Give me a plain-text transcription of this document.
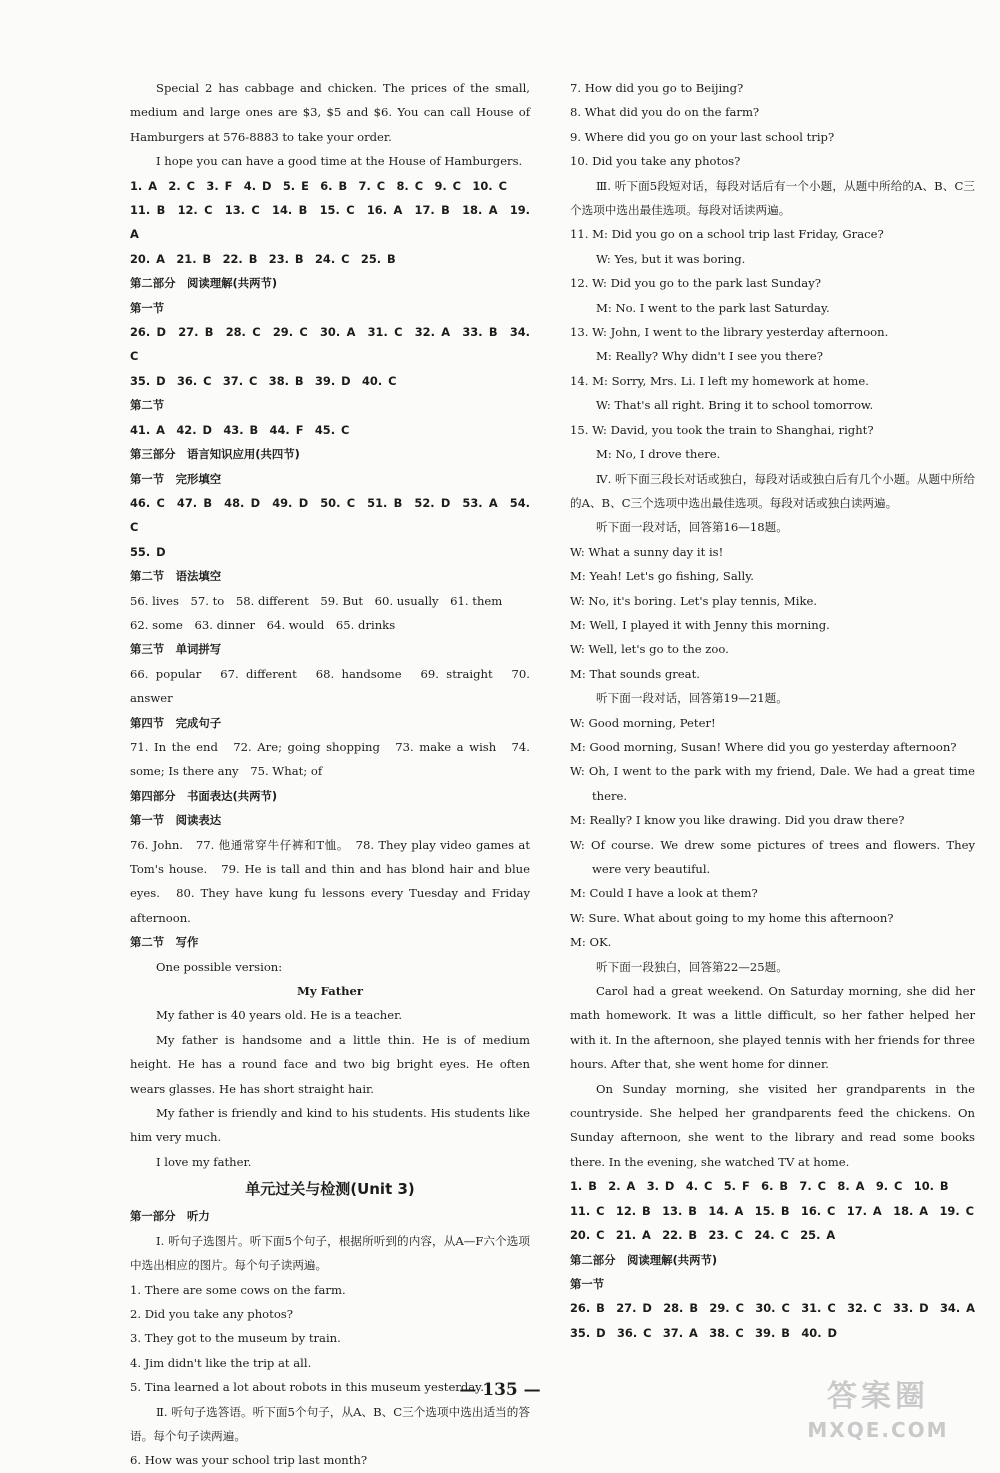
Special 2 has cabbage and chicken. The prices of the small, medium and large ones are $3, $5 and $6. You can call House of Hamburgers at 576-8883 to take your order.

I hope you can have a good time at the House of Hamburgers.

1. A　2. C　3. F　4. D　5. E　6. B　7. C　8. C　9. C　10. C

11. B　12. C　13. C　14. B　15. C　16. A　17. B　18. A　19. A

20. A　21. B　22. B　23. B　24. C　25. B

第二部分　阅读理解(共两节)

第一节

26. D　27. B　28. C　29. C　30. A　31. C　32. A　33. B　34. C

35. D　36. C　37. C　38. B　39. D　40. C

第二节

41. A　42. D　43. B　44. F　45. C

第三部分　语言知识应用(共四节)

第一节　完形填空

46. C　47. B　48. D　49. D　50. C　51. B　52. D　53. A　54. C

55. D

第二节　语法填空

56. lives　57. to　58. different　59. But　60. usually　61. them

62. some　63. dinner　64. would　65. drinks

第三节　单词拼写

66. popular　67. different　68. handsome　69. straight　70. answer

第四节　完成句子

71. In the end　72. Are; going shopping　73. make a wish　74. some; Is there any　75. What; of

第四部分　书面表达(共两节)

第一节　阅读表达

76. John.　77. 他通常穿牛仔裤和T恤。　78. They play video games at Tom's house.　79. He is tall and thin and has blond hair and blue eyes.　80. They have kung fu lessons every Tuesday and Friday afternoon.

第二节　写作

One possible version:

My Father

My father is 40 years old. He is a teacher.

My father is handsome and a little thin. He is of medium height. He has a round face and two big bright eyes. He often wears glasses. He has short straight hair.

My father is friendly and kind to his students. His students like him very much.

I love my father.

单元过关与检测(Unit 3)

第一部分　听力

Ⅰ. 听句子选图片。听下面5个句子，根据所听到的内容，从A—F六个选项中选出相应的图片。每个句子读两遍。

1. There are some cows on the farm.

2. Did you take any photos?

3. They got to the museum by train.

4. Jim didn't like the trip at all.

5. Tina learned a lot about robots in this museum yesterday.

Ⅱ. 听句子选答语。听下面5个句子，从A、B、C三个选项中选出适当的答语。每个句子读两遍。

6. How was your school trip last month?

7. How did you go to Beijing?

8. What did you do on the farm?

9. Where did you go on your last school trip?

10. Did you take any photos?

Ⅲ. 听下面5段短对话，每段对话后有一个小题，从题中所给的A、B、C三个选项中选出最佳选项。每段对话读两遍。

11. M: Did you go on a school trip last Friday, Grace?

W: Yes, but it was boring.

12. W: Did you go to the park last Sunday?

M: No. I went to the park last Saturday.

13. W: John, I went to the library yesterday afternoon.

M: Really? Why didn't I see you there?

14. M: Sorry, Mrs. Li. I left my homework at home.

W: That's all right. Bring it to school tomorrow.

15. W: David, you took the train to Shanghai, right?

M: No, I drove there.

Ⅳ. 听下面三段长对话或独白，每段对话或独白后有几个小题。从题中所给的A、B、C三个选项中选出最佳选项。每段对话或独白读两遍。

听下面一段对话，回答第16—18题。

W: What a sunny day it is!

M: Yeah! Let's go fishing, Sally.

W: No, it's boring. Let's play tennis, Mike.

M: Well, I played it with Jenny this morning.

W: Well, let's go to the zoo.

M: That sounds great.

听下面一段对话，回答第19—21题。

W: Good morning, Peter!

M: Good morning, Susan! Where did you go yesterday afternoon?

W: Oh, I went to the park with my friend, Dale. We had a great time there.

M: Really? I know you like drawing. Did you draw there?

W: Of course. We drew some pictures of trees and flowers. They were very beautiful.

M: Could I have a look at them?

W: Sure. What about going to my home this afternoon?

M: OK.

听下面一段独白，回答第22—25题。

Carol had a great weekend. On Saturday morning, she did her math homework. It was a little difficult, so her father helped her with it. In the afternoon, she played tennis with her friends for three hours. After that, she went home for dinner.

On Sunday morning, she visited her grandparents in the countryside. She helped her grandparents feed the chickens. On Sunday afternoon, she went to the library and read some books there. In the evening, she watched TV at home.

1. B　2. A　3. D　4. C　5. F　6. B　7. C　8. A　9. C　10. B

11. C　12. B　13. B　14. A　15. B　16. C　17. A　18. A　19. C

20. C　21. A　22. B　23. C　24. C　25. A

第二部分　阅读理解(共两节)

第一节

26. B　27. D　28. B　29. C　30. C　31. C　32. C　33. D　34. A

35. D　36. C　37. A　38. C　39. B　40. D

— 135 —	答案圈
MXQE.COM
